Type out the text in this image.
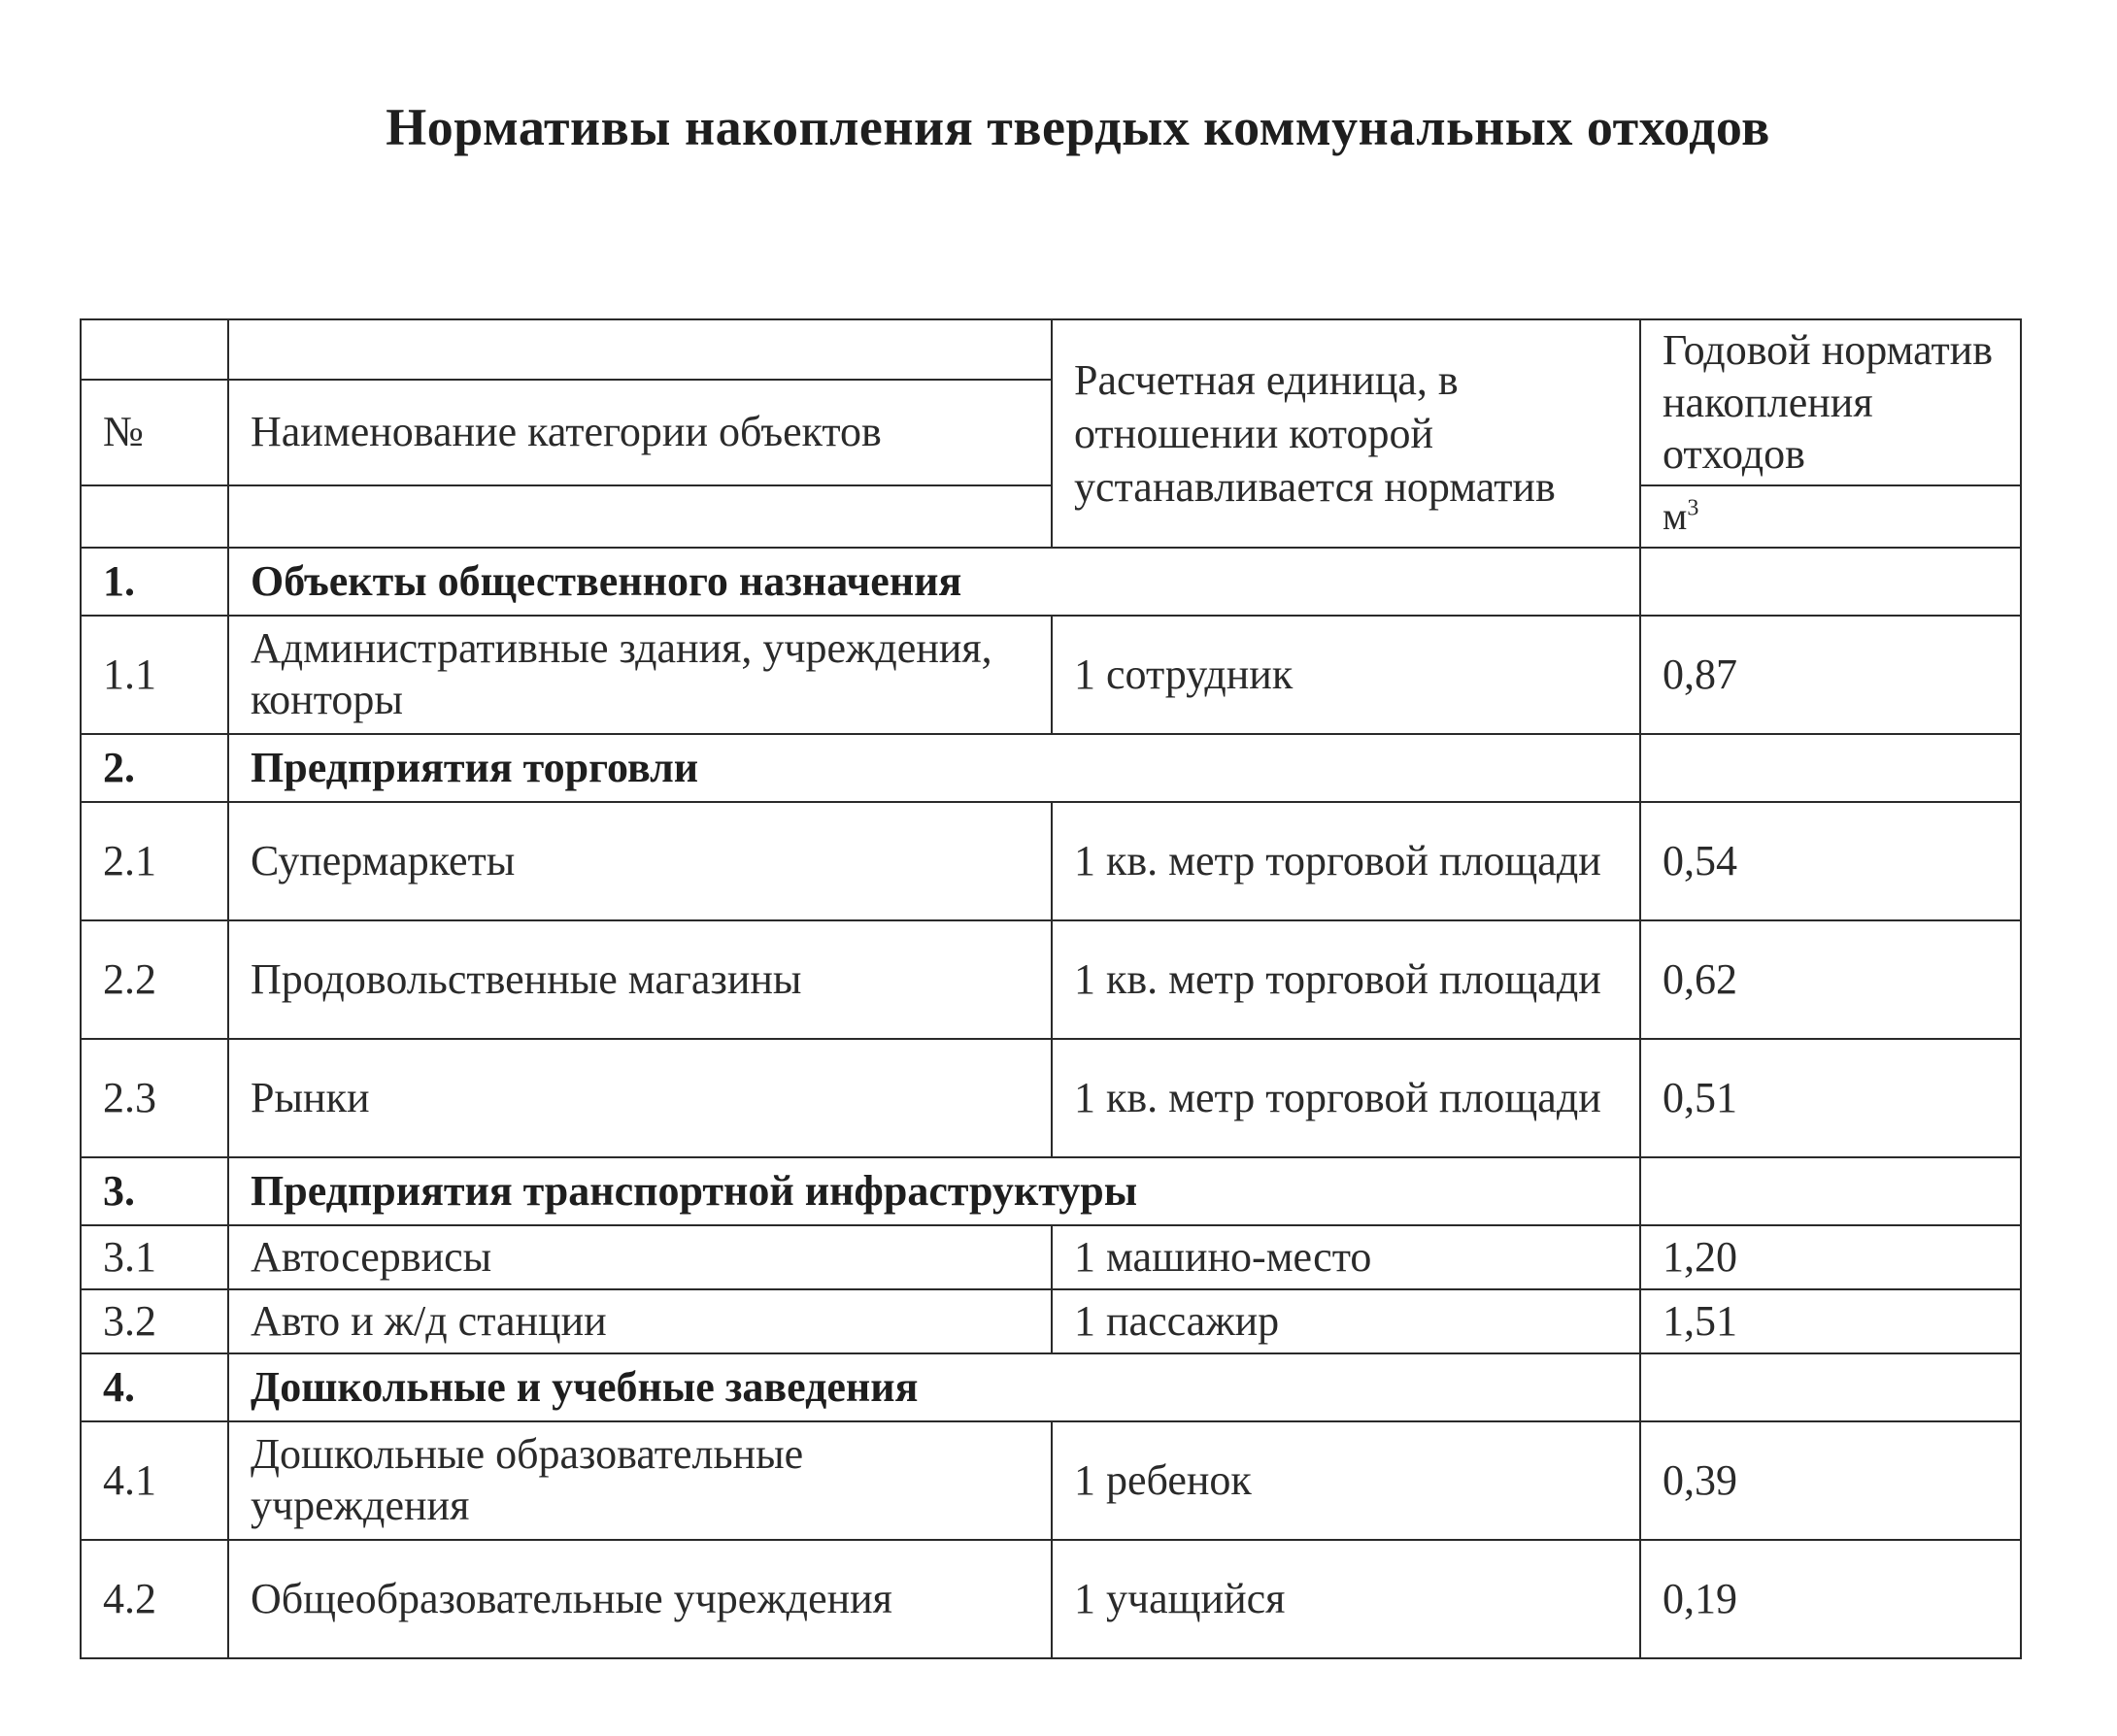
Нормативы накопления твердых коммунальных отходов
		Расчетная единица, в отношении которой устанавливается норматив	Годовой норматив накопления отходов
№	Наименование категории объектов		
			$м^3$
1.	Объекты общественного назначения		
1.1	Административные здания, учреждения, конторы	1 сотрудник	0,87
2.	Предприятия торговли		
2.1	Супермаркеты	1 кв. метр торговой площади	0,54
2.2	Продовольственные магазины	1 кв. метр торговой площади	0,62
2.3	Рынки	1 кв. метр торговой площади	0,51
3.	Предприятия транспортной инфраструктуры		
3.1	Автосервисы	1 машино-место	1,20
3.2	Авто и ж/д станции	1 пассажир	1,51
4.	Дошкольные и учебные заведения		
4.1	Дошкольные образовательные учреждения	1 ребенок	0,39
4.2	Общеобразовательные учреждения	1 учащийся	0,19
